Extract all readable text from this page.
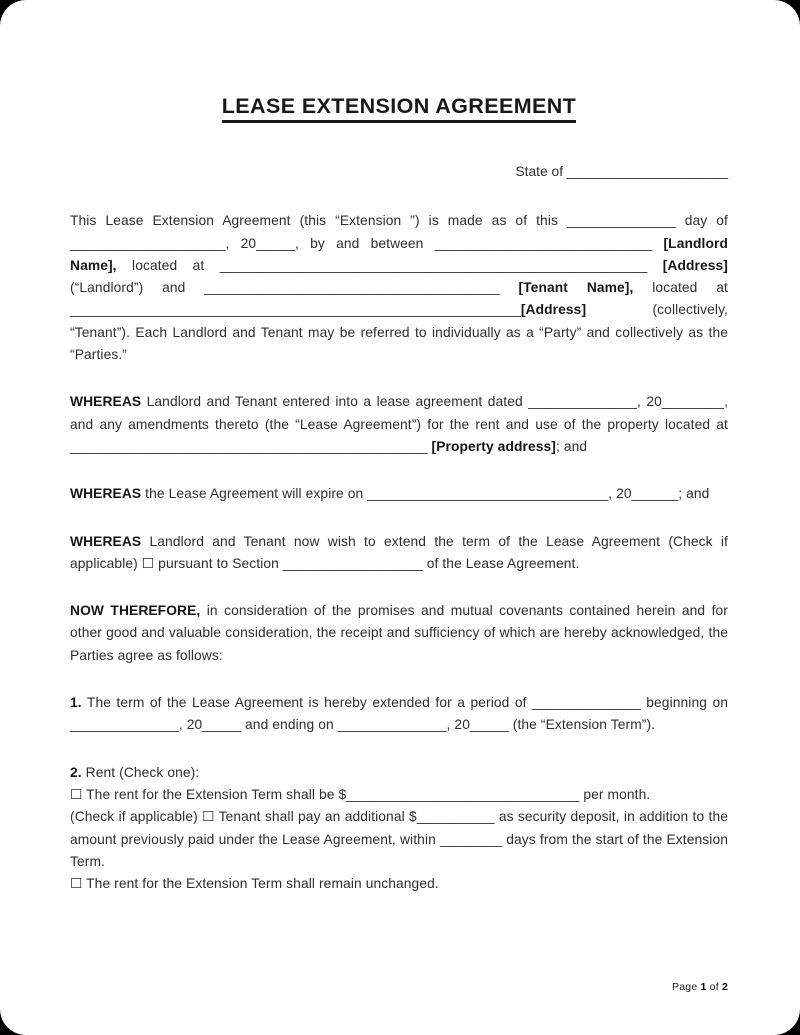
LEASE EXTENSION AGREEMENT
State of _____________________

This Lease Extension Agreement (this “Extension ”) is made as of this ______________ day of ____________________, 20_____, by and between ____________________________ [Landlord Name], located at _______________________________________________________ [Address] (“Landlord”) and ______________________________________ [Tenant Name], located at __________________________________________________________[Address] (collectively, “Tenant”). Each Landlord and Tenant may be referred to individually as a “Party” and collectively as the “Parties.”

WHEREAS Landlord and Tenant entered into a lease agreement dated ______________, 20________, and any amendments thereto (the “Lease Agreement”) for the rent and use of the property located at ______________________________________________ [Property address]; and

WHEREAS the Lease Agreement will expire on _______________________________, 20______; and

WHEREAS Landlord and Tenant now wish to extend the term of the Lease Agreement (Check if applicable) ☐ pursuant to Section __________________ of the Lease Agreement.

NOW THEREFORE, in consideration of the promises and mutual covenants contained herein and for other good and valuable consideration, the receipt and sufficiency of which are hereby acknowledged, the Parties agree as follows:

1. The term of the Lease Agreement is hereby extended for a period of ______________ beginning on ______________, 20_____ and ending on ______________, 20_____ (the “Extension Term”).

2. Rent (Check one):
☐ The rent for the Extension Term shall be $______________________________ per month.
(Check if applicable) ☐ Tenant shall pay an additional $__________ as security deposit, in addition to the amount previously paid under the Lease Agreement, within ________ days from the start of the Extension Term.
☐ The rent for the Extension Term shall remain unchanged.
Page 1 of 2
